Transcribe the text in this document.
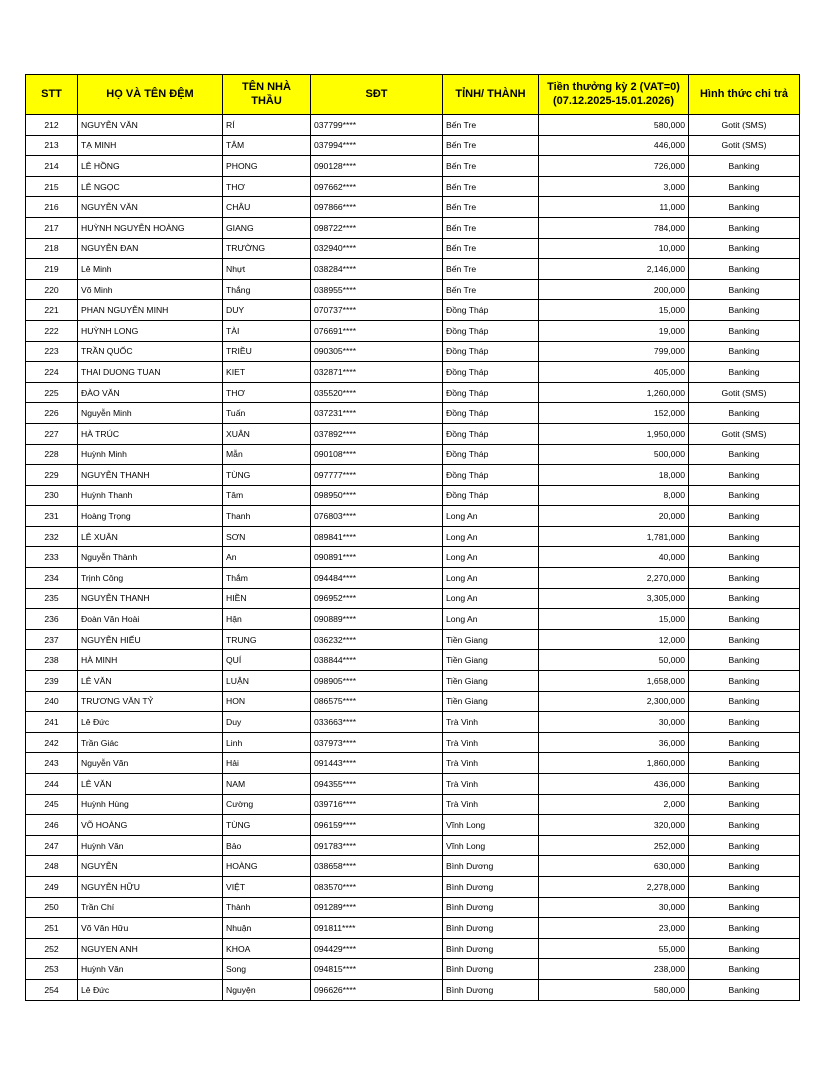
STT	HỌ VÀ TÊN ĐỆM	TÊN NHÀ THẦU	SĐT	TỈNH/ THÀNH	Tiền thưởng kỳ 2 (VAT=0) (07.12.2025-15.01.2026)	Hình thức chi trả
212	NGUYỄN VĂN	RÍ	037799****	Bến Tre	580,000	Gotit (SMS)
213	TẠ MINH	TÂM	037994****	Bến Tre	446,000	Gotit (SMS)
214	LÊ HỒNG	PHONG	090128****	Bến Tre	726,000	Banking
215	LÊ NGỌC	THƠ	097662****	Bến Tre	3,000	Banking
216	NGUYỄN VĂN	CHÂU	097866****	Bến Tre	11,000	Banking
217	HUỲNH NGUYỄN HOÀNG	GIANG	098722****	Bến Tre	784,000	Banking
218	NGUYỄN ĐAN	TRƯỜNG	032940****	Bến Tre	10,000	Banking
219	Lê Minh	Nhựt	038284****	Bến Tre	2,146,000	Banking
220	Võ Minh	Thắng	038955****	Bến Tre	200,000	Banking
221	PHAN NGUYỄN MINH	DUY	070737****	Đồng Tháp	15,000	Banking
222	HUỲNH LONG	TÀI	076691****	Đồng Tháp	19,000	Banking
223	TRẦN QUỐC	TRIỀU	090305****	Đồng Tháp	799,000	Banking
224	THAI DUONG TUAN	KIET	032871****	Đồng Tháp	405,000	Banking
225	ĐÀO VĂN	THƠ	035520****	Đồng Tháp	1,260,000	Gotit (SMS)
226	Nguyễn Minh	Tuấn	037231****	Đồng Tháp	152,000	Banking
227	HÀ TRÚC	XUÂN	037892****	Đồng Tháp	1,950,000	Gotit (SMS)
228	Huỳnh Minh	Mẫn	090108****	Đồng Tháp	500,000	Banking
229	NGUYỄN THANH	TÙNG	097777****	Đồng Tháp	18,000	Banking
230	Huỳnh Thanh	Tâm	098950****	Đồng Tháp	8,000	Banking
231	Hoàng Trọng	Thanh	076803****	Long An	20,000	Banking
232	LÊ XUÂN	SƠN	089841****	Long An	1,781,000	Banking
233	Nguyễn Thành	An	090891****	Long An	40,000	Banking
234	Trịnh Công	Thắm	094484****	Long An	2,270,000	Banking
235	NGUYỄN THANH	HIỀN	096952****	Long An	3,305,000	Banking
236	Đoàn Văn Hoài	Hận	090889****	Long An	15,000	Banking
237	NGUYỄN HIẾU	TRUNG	036232****	Tiền Giang	12,000	Banking
238	HÀ MINH	QUÍ	038844****	Tiền Giang	50,000	Banking
239	LÊ VĂN	LUẬN	098905****	Tiền Giang	1,658,000	Banking
240	TRƯƠNG VĂN TỶ	HON	086575****	Tiền Giang	2,300,000	Banking
241	Lê Đức	Duy	033663****	Trà Vinh	30,000	Banking
242	Trần Giác	Linh	037973****	Trà Vinh	36,000	Banking
243	Nguyễn Văn	Hải	091443****	Trà Vinh	1,860,000	Banking
244	LÊ VĂN	NAM	094355****	Trà Vinh	436,000	Banking
245	Huỳnh Hùng	Cường	039716****	Trà Vinh	2,000	Banking
246	VÕ HOÀNG	TÙNG	096159****	Vĩnh Long	320,000	Banking
247	Huỳnh Văn	Bảo	091783****	Vĩnh Long	252,000	Banking
248	NGUYỄN	HOÀNG	038658****	Bình Dương	630,000	Banking
249	NGUYỄN HỮU	VIỆT	083570****	Bình Dương	2,278,000	Banking
250	Trần Chí	Thành	091289****	Bình Dương	30,000	Banking
251	Võ Văn Hữu	Nhuận	091811****	Bình Dương	23,000	Banking
252	NGUYEN ANH	KHOA	094429****	Bình Dương	55,000	Banking
253	Huỳnh Văn	Song	094815****	Bình Dương	238,000	Banking
254	Lê Đức	Nguyện	096626****	Bình Dương	580,000	Banking
